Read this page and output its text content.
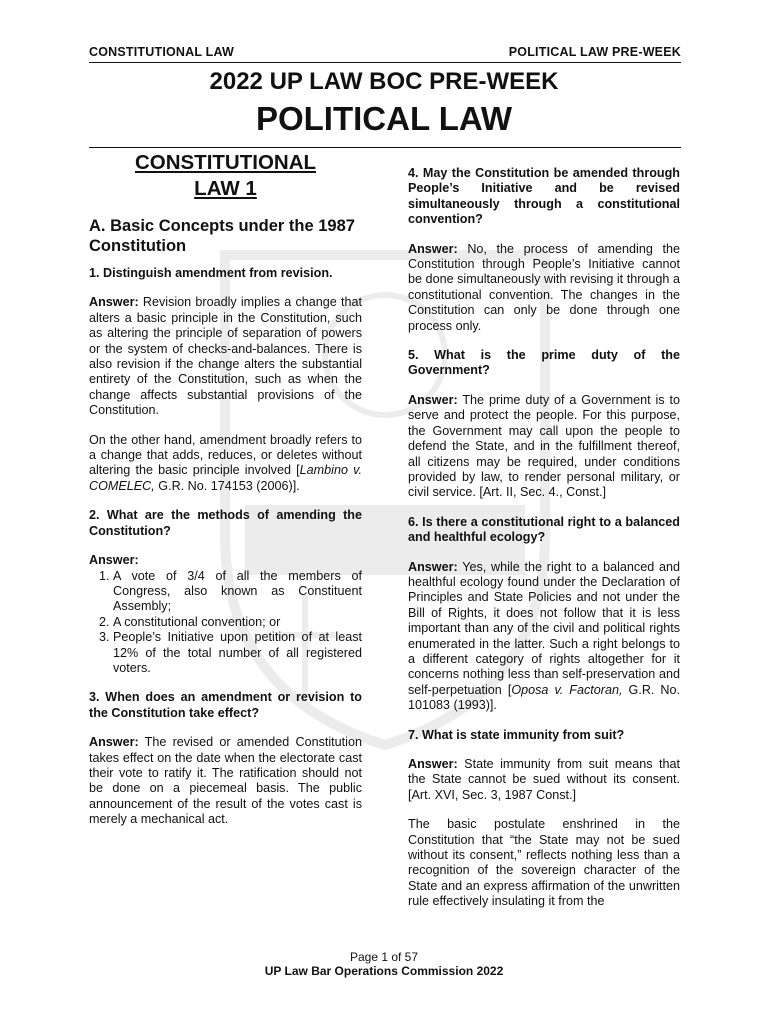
CONSTITUTIONAL LAW	POLITICAL LAW PRE-WEEK
2022 UP LAW BOC PRE-WEEK
POLITICAL LAW
CONSTITUTIONAL
LAW 1
A. Basic Concepts under the 1987 Constitution

1. Distinguish amendment from revision.

Answer: Revision broadly implies a change that alters a basic principle in the Constitution, such as altering the principle of separation of powers or the system of checks-and-balances. There is also revision if the change alters the substantial entirety of the Constitution, such as when the change affects substantial provisions of the Constitution.

On the other hand, amendment broadly refers to a change that adds, reduces, or deletes without altering the basic principle involved [Lambino v. COMELEC, G.R. No. 174153 (2006)].

2. What are the methods of amending the Constitution?

Answer:

1. A vote of 3/4 of all the members of Congress, also known as Constituent Assembly;
2. A constitutional convention; or
3. People’s Initiative upon petition of at least 12% of the total number of all registered voters.

3. When does an amendment or revision to the Constitution take effect?

Answer: The revised or amended Constitution takes effect on the date when the electorate cast their vote to ratify it. The ratification should not be done on a piecemeal basis. The public announcement of the result of the votes cast is merely a mechanical act.

4. May the Constitution be amended through People’s Initiative and be revised simultaneously through a constitutional convention?

Answer: No, the process of amending the Constitution through People’s Initiative cannot be done simultaneously with revising it through a constitutional convention. The changes in the Constitution can only be done through one process only.

5. What is the prime duty of the Government?

Answer: The prime duty of a Government is to serve and protect the people. For this purpose, the Government may call upon the people to defend the State, and in the fulfillment thereof, all citizens may be required, under conditions provided by law, to render personal military, or civil service. [Art. II, Sec. 4., Const.]

6. Is there a constitutional right to a balanced and healthful ecology?

Answer: Yes, while the right to a balanced and healthful ecology found under the Declaration of Principles and State Policies and not under the Bill of Rights, it does not follow that it is less important than any of the civil and political rights enumerated in the latter. Such a right belongs to a different category of rights altogether for it concerns nothing less than self-preservation and self-perpetuation [Oposa v. Factoran, G.R. No. 101083 (1993)].

7. What is state immunity from suit?

Answer: State immunity from suit means that the State cannot be sued without its consent. [Art. XVI, Sec. 3, 1987 Const.]

The basic postulate enshrined in the Constitution that “the State may not be sued without its consent,” reflects nothing less than a recognition of the sovereign character of the State and an express affirmation of the unwritten rule effectively insulating it from the

Page 1 of 57
UP Law Bar Operations Commission 2022
